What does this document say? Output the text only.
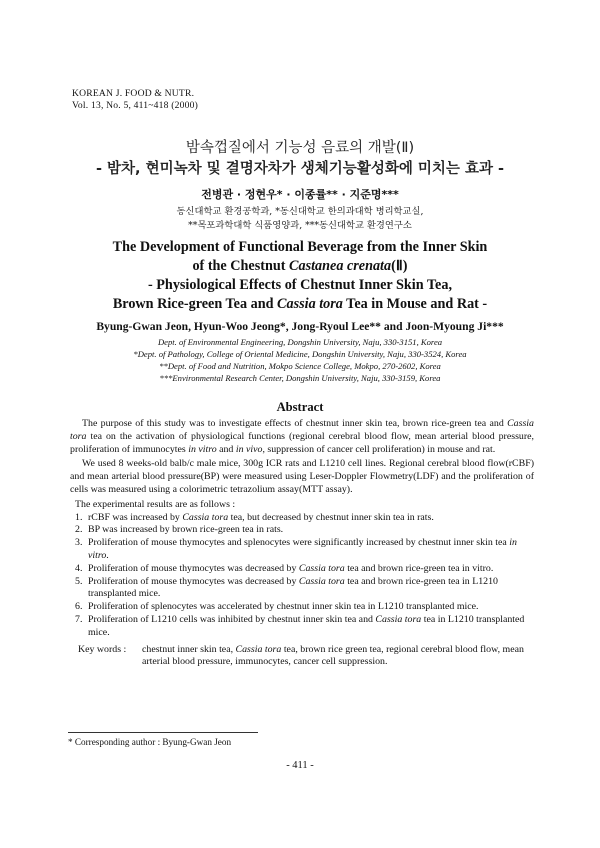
KOREAN J. FOOD & NUTR.
Vol. 13, No. 5, 411~418 (2000)
밤속껍질에서 기능성 음료의 개발(Ⅱ)
- 밤차, 현미녹차 및 결명자차가 생체기능활성화에 미치는 효과 -
전병관 · 정현우* · 이종률** · 지준명***
동신대학교 환경공학과, *동신대학교 한의과대학 병리학교실,
**목포과학대학 식품영양과, ***동신대학교 환경연구소
The Development of Functional Beverage from the Inner Skin
of the Chestnut Castanea crenata(Ⅱ)
- Physiological Effects of Chestnut Inner Skin Tea,
Brown Rice-green Tea and Cassia tora Tea in Mouse and Rat -
Byung-Gwan Jeon, Hyun-Woo Jeong*, Jong-Ryoul Lee** and Joon-Myoung Ji***
Dept. of Environmental Engineering, Dongshin University, Naju, 330-3151, Korea
*Dept. of Pathology, College of Oriental Medicine, Dongshin University, Naju, 330-3524, Korea
**Dept. of Food and Nutrition, Mokpo Science College, Mokpo, 270-2602, Korea
***Environmental Research Center, Dongshin University, Naju, 330-3159, Korea
Abstract

The purpose of this study was to investigate effects of chestnut inner skin tea, brown rice-green tea and Cassia tora tea on the activation of physiological functions (regional cerebral blood flow, mean arterial blood pressure, proliferation of immunocytes in vitro and in vivo, suppression of cancer cell proliferation) in mouse and rat.

We used 8 weeks-old balb/c male mice, 300g ICR rats and L1210 cell lines. Regional cerebral blood flow(rCBF) and mean arterial blood pressure(BP) were measured using Leser-Doppler Flowmetry(LDF) and the proliferation of cells was measured using a colorimetric tetrazolium assay(MTT assay).

The experimental results are as follows :

1. rCBF was increased by Cassia tora tea, but decreased by chestnut inner skin tea in rats.

2. BP was increased by brown rice-green tea in rats.

3. Proliferation of mouse thymocytes and splenocytes were significantly increased by chestnut inner skin tea in vitro.

4. Proliferation of mouse thymocytes was decreased by Cassia tora tea and brown rice-green tea in vitro.

5. Proliferation of mouse thymocytes was decreased by Cassia tora tea and brown rice-green tea in L1210 transplanted mice.

6. Proliferation of splenocytes was accelerated by chestnut inner skin tea in L1210 transplanted mice.

7. Proliferation of L1210 cells was inhibited by chestnut inner skin tea and Cassia tora tea in L1210 transplanted mice.

Key words : chestnut inner skin tea, Cassia tora tea, brown rice green tea, regional cerebral blood flow, mean arterial blood pressure, immunocytes, cancer cell suppression.

* Corresponding author : Byung-Gwan Jeon
- 411 -
